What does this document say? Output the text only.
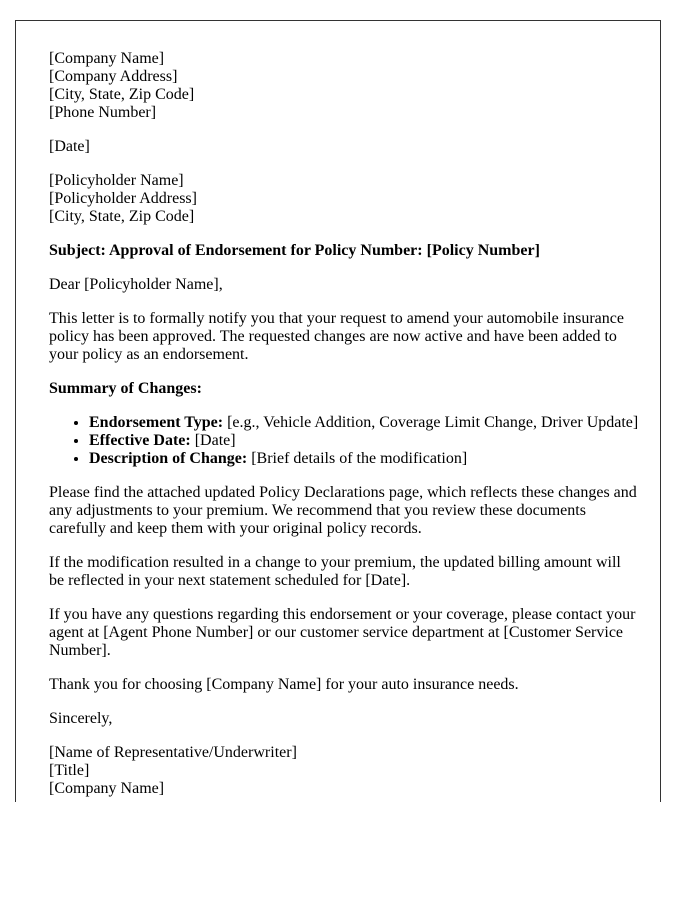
[Company Name]
[Company Address]
[City, State, Zip Code]
[Phone Number]

[Date]

[Policyholder Name]
[Policyholder Address]
[City, State, Zip Code]

Subject: Approval of Endorsement for Policy Number: [Policy Number]

Dear [Policyholder Name],

This letter is to formally notify you that your request to amend your automobile insurance policy has been approved. The requested changes are now active and have been added to your policy as an endorsement.

Summary of Changes:

• Endorsement Type: [e.g., Vehicle Addition, Coverage Limit Change, Driver Update]
• Effective Date: [Date]
• Description of Change: [Brief details of the modification]

Please find the attached updated Policy Declarations page, which reflects these changes and any adjustments to your premium. We recommend that you review these documents carefully and keep them with your original policy records.

If the modification resulted in a change to your premium, the updated billing amount will be reflected in your next statement scheduled for [Date].

If you have any questions regarding this endorsement or your coverage, please contact your agent at [Agent Phone Number] or our customer service department at [Customer Service Number].

Thank you for choosing [Company Name] for your auto insurance needs.

Sincerely,

[Name of Representative/Underwriter]
[Title]
[Company Name]
